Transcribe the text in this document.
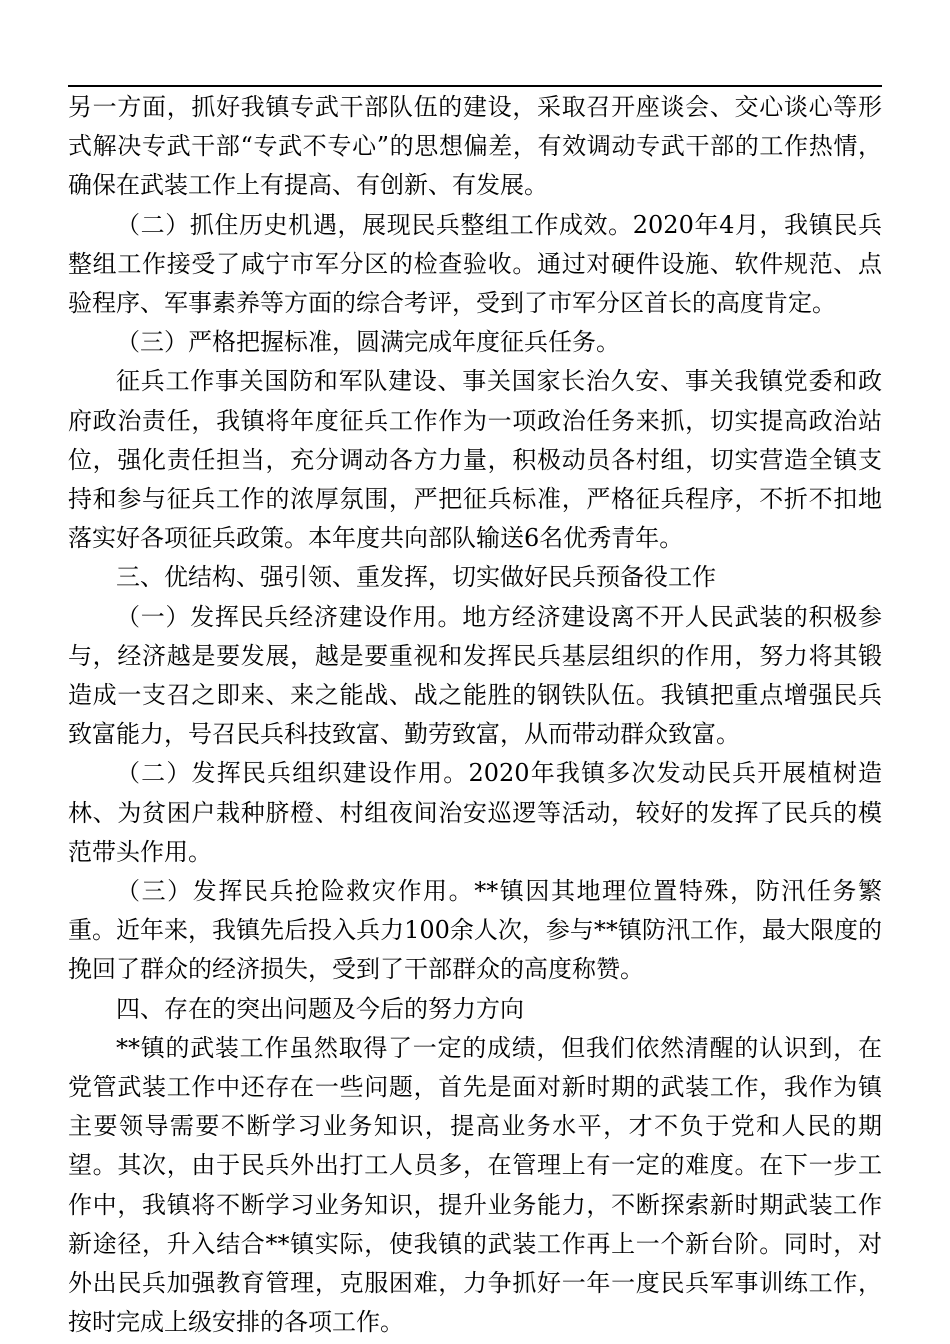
另一方面，抓好我镇专武干部队伍的建设，采取召开座谈会、交心谈心等形式解决专武干部“专武不专心”的思想偏差，有效调动专武干部的工作热情，确保在武装工作上有提高、有创新、有发展。

（二）抓住历史机遇，展现民兵整组工作成效。2020年4月，我镇民兵整组工作接受了咸宁市军分区的检查验收。通过对硬件设施、软件规范、点验程序、军事素养等方面的综合考评，受到了市军分区首长的高度肯定。

（三）严格把握标准，圆满完成年度征兵任务。

征兵工作事关国防和军队建设、事关国家长治久安、事关我镇党委和政府政治责任，我镇将年度征兵工作作为一项政治任务来抓，切实提高政治站位，强化责任担当，充分调动各方力量，积极动员各村组，切实营造全镇支持和参与征兵工作的浓厚氛围，严把征兵标准，严格征兵程序，不折不扣地落实好各项征兵政策。本年度共向部队输送6名优秀青年。

三、优结构、强引领、重发挥，切实做好民兵预备役工作

（一）发挥民兵经济建设作用。地方经济建设离不开人民武装的积极参与，经济越是要发展，越是要重视和发挥民兵基层组织的作用，努力将其锻造成一支召之即来、来之能战、战之能胜的钢铁队伍。我镇把重点增强民兵致富能力，号召民兵科技致富、勤劳致富，从而带动群众致富。

（二）发挥民兵组织建设作用。2020年我镇多次发动民兵开展植树造林、为贫困户栽种脐橙、村组夜间治安巡逻等活动，较好的发挥了民兵的模范带头作用。

（三）发挥民兵抢险救灾作用。**镇因其地理位置特殊，防汛任务繁重。近年来，我镇先后投入兵力100余人次，参与**镇防汛工作，最大限度的挽回了群众的经济损失，受到了干部群众的高度称赞。

四、存在的突出问题及今后的努力方向

**镇的武装工作虽然取得了一定的成绩，但我们依然清醒的认识到，在党管武装工作中还存在一些问题，首先是面对新时期的武装工作，我作为镇主要领导需要不断学习业务知识，提高业务水平，才不负于党和人民的期望。其次，由于民兵外出打工人员多，在管理上有一定的难度。在下一步工作中，我镇将不断学习业务知识，提升业务能力，不断探索新时期武装工作新途径，升入结合**镇实际，使我镇的武装工作再上一个新台阶。同时，对外出民兵加强教育管理，克服困难，力争抓好一年一度民兵军事训练工作，按时完成上级安排的各项工作。
